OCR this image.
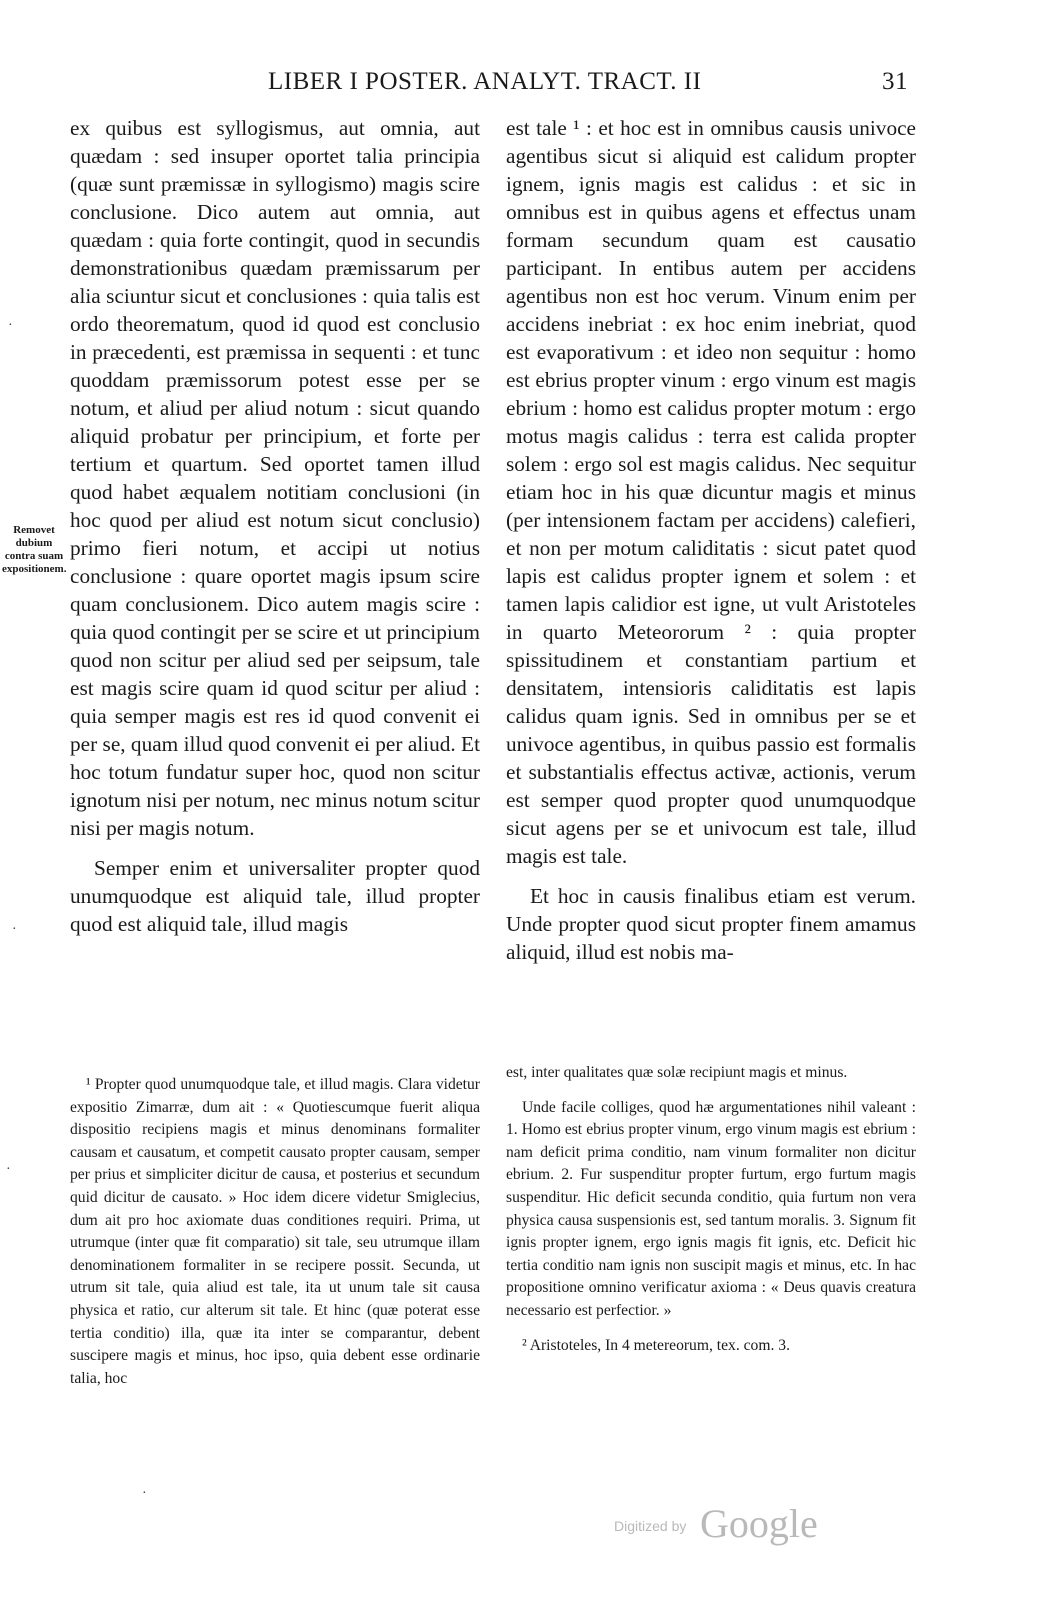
LIBER I POSTER. ANALYT. TRACT. II	31
Removet dubium contra suam expositionem.

ex quibus est syllogismus, aut omnia, aut quædam : sed insuper oportet talia principia (quæ sunt præmissæ in syllogismo) magis scire conclusione. Dico autem aut omnia, aut quædam : quia forte contingit, quod in secundis demonstrationibus quædam præmissarum per alia sciuntur sicut et conclusiones : quia talis est ordo theorematum, quod id quod est conclusio in præcedenti, est præmissa in sequenti : et tunc quoddam præmissorum potest esse per se notum, et aliud per aliud notum : sicut quando aliquid probatur per principium, et forte per tertium et quartum. Sed oportet tamen illud quod habet æqualem notitiam conclusioni (in hoc quod per aliud est notum sicut conclusio) primo fieri notum, et accipi ut notius conclusione : quare oportet magis ipsum scire quam conclusionem. Dico autem magis scire : quia quod contingit per se scire et ut principium quod non scitur per aliud sed per seipsum, tale est magis scire quam id quod scitur per aliud : quia semper magis est res id quod convenit ei per se, quam illud quod convenit ei per aliud. Et hoc totum fundatur super hoc, quod non scitur ignotum nisi per notum, nec minus notum scitur nisi per magis notum.

Semper enim et universaliter propter quod unumquodque est aliquid tale, illud propter quod est aliquid tale, illud magis

est tale ¹ : et hoc est in omnibus causis univoce agentibus sicut si aliquid est calidum propter ignem, ignis magis est calidus : et sic in omnibus est in quibus agens et effectus unam formam secundum quam est causatio participant. In entibus autem per accidens agentibus non est hoc verum. Vinum enim per accidens inebriat : ex hoc enim inebriat, quod est evaporativum : et ideo non sequitur : homo est ebrius propter vinum : ergo vinum est magis ebrium : homo est calidus propter motum : ergo motus magis calidus : terra est calida propter solem : ergo sol est magis calidus. Nec sequitur etiam hoc in his quæ dicuntur magis et minus (per intensionem factam per accidens) calefieri, et non per motum caliditatis : sicut patet quod lapis est calidus propter ignem et solem : et tamen lapis calidior est igne, ut vult Aristoteles in quarto Meteororum ² : quia propter spissitudinem et constantiam partium et densitatem, intensioris caliditatis est lapis calidus quam ignis. Sed in omnibus per se et univoce agentibus, in quibus passio est formalis et substantialis effectus activæ, actionis, verum est semper quod propter quod unumquodque sicut agens per se et univocum est tale, illud magis est tale.

Et hoc in causis finalibus etiam est verum. Unde propter quod sicut propter finem amamus aliquid, illud est nobis ma-

¹ Propter quod unumquodque tale, et illud magis. Clara videtur expositio Zimarræ, dum ait : « Quotiescumque fuerit aliqua dispositio recipiens magis et minus denominans formaliter causam et causatum, et competit causato propter causam, semper per prius et simpliciter dicitur de causa, et posterius et secundum quid dicitur de causato. » Hoc idem dicere videtur Smiglecius, dum ait pro hoc axiomate duas conditiones requiri. Prima, ut utrumque (inter quæ fit comparatio) sit tale, seu utrumque illam denominationem formaliter in se recipere possit. Secunda, ut utrum sit tale, quia aliud est tale, ita ut unum tale sit causa physica et ratio, cur alterum sit tale. Et hinc (quæ poterat esse tertia conditio) illa, quæ ita inter se comparantur, debent suscipere magis et minus, hoc ipso, quia debent esse ordinarie talia, hoc

est, inter qualitates quæ solæ recipiunt magis et minus.

Unde facile colliges, quod hæ argumentationes nihil valeant : 1. Homo est ebrius propter vinum, ergo vinum magis est ebrium : nam deficit prima conditio, nam vinum formaliter non dicitur ebrium. 2. Fur suspenditur propter furtum, ergo furtum magis suspenditur. Hic deficit secunda conditio, quia furtum non vera physica causa suspensionis est, sed tantum moralis. 3. Signum fit ignis propter ignem, ergo ignis magis fit ignis, etc. Deficit hic tertia conditio nam ignis non suscipit magis et minus, etc. In hac propositione omnino verificatur axioma : « Deus quavis creatura necessario est perfectior. »

² Aristoteles, In 4 metereorum, tex. com. 3.

·
·
·
·
Digitized by Google
